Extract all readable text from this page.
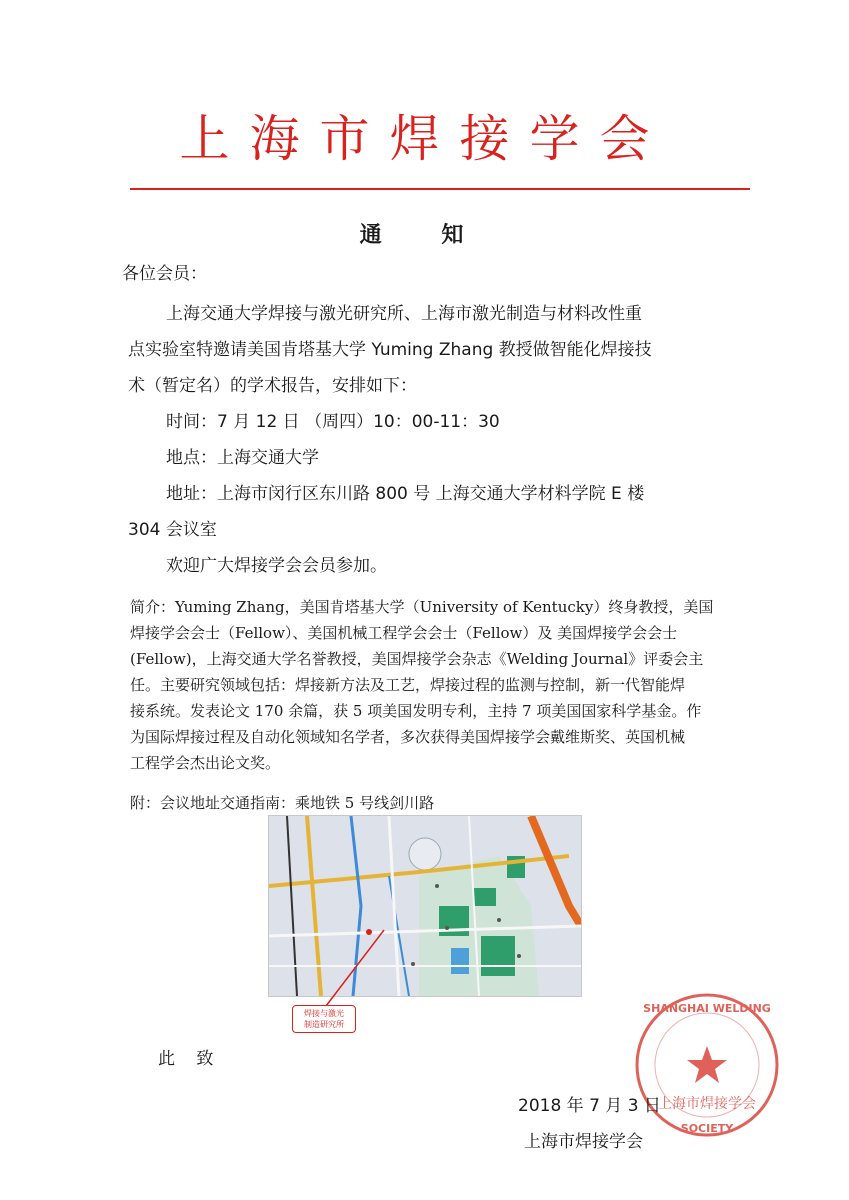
上海市焊接学会
通 知
各位会员：
上海交通大学焊接与激光研究所、上海市激光制造与材料改性重
点实验室特邀请美国肯塔基大学 Yuming Zhang 教授做智能化焊接技
术（暂定名）的学术报告，安排如下：
时间：7 月 12 日 （周四）10：00-11：30
地点：上海交通大学
地址：上海市闵行区东川路 800 号 上海交通大学材料学院 E 楼
304 会议室
欢迎广大焊接学会会员参加。
简介：Yuming Zhang，美国肯塔基大学（University of Kentucky）终身教授，美国
焊接学会会士（Fellow）、美国机械工程学会会士（Fellow）及 美国焊接学会会士
(Fellow)，上海交通大学名誉教授，美国焊接学会杂志《Welding Journal》评委会主
任。主要研究领域包括：焊接新方法及工艺，焊接过程的监测与控制，新一代智能焊
接系统。发表论文 170 余篇，获 5 项美国发明专利，主持 7 项美国国家科学基金。作
为国际焊接过程及自动化领域知名学者，多次获得美国焊接学会戴维斯奖、英国机械
工程学会杰出论文奖。
附：会议地址交通指南：乘地铁 5 号线剑川路
焊接与激光
制造研究所
此 致
SHANGHAI WELDING
SOCIETY
上海市焊接学会
2018 年 7 月 3 日
上海市焊接学会
